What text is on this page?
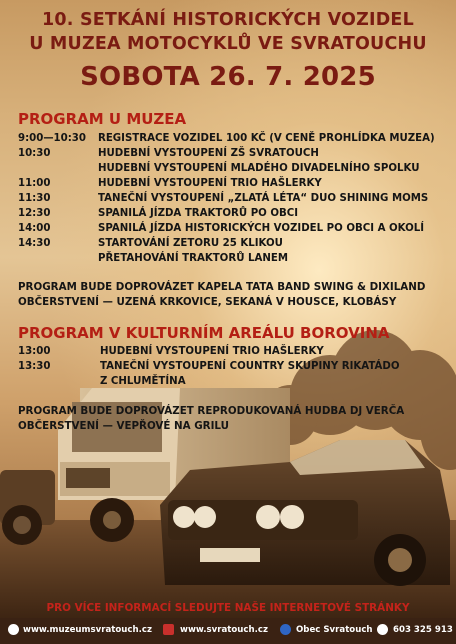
10. SETKÁNÍ HISTORICKÝCH VOZIDEL
U MUZEA MOTOCYKLŮ VE SVRATOUCHU
SOBOTA 26. 7. 2025
PROGRAM U MUZEA
9:00—10:30 REGISTRACE VOZIDEL 100 KČ (V CENĚ PROHLÍDKA MUZEA)
10:30	HUDEBNÍ VYSTOUPENÍ ZŠ SVRATOUCH
HUDEBNÍ VYSTOUPENÍ MLADÉHO DIVADELNÍHO SPOLKU
11:00	HUDEBNÍ VYSTOUPENÍ TRIO HAŠLERKY
11:30	TANEČNÍ VYSTOUPENÍ „ZLATÁ LÉTA“ DUO SHINING MOMS
12:30	SPANILÁ JÍZDA TRAKTORŮ PO OBCI
14:00	SPANILÁ JÍZDA HISTORICKÝCH VOZIDEL PO OBCI A OKOLÍ
14:30	STARTOVÁNÍ ZETORU 25 KLIKOU
PŘETAHOVÁNÍ TRAKTORŮ LANEM
PROGRAM BUDE DOPROVÁZET KAPELA TATA BAND SWING & DIXILAND
OBČERSTVENÍ — UZENÁ KRKOVICE, SEKANÁ V HOUSCE, KLOBÁSY
PROGRAM V KULTURNÍM AREÁLU BOROVINA
13:00	HUDEBNÍ VYSTOUPENÍ TRIO HAŠLERKY
13:30	TANEČNÍ VYSTOUPENÍ COUNTRY SKUPINY RIKATÁDO
Z CHLUMĚTÍNA
PROGRAM BUDE DOPROVÁZET REPRODUKOVANÁ HUDBA DJ VERČA
OBČERSTVENÍ — VEPŘOVÉ NA GRILU
PRO VÍCE INFORMACÍ SLEDUJTE NAŠE INTERNETOVÉ STRÁNKY
www.muzeumsvratouch.cz	www.svratouch.cz	Obec Svratouch 603 325 913
